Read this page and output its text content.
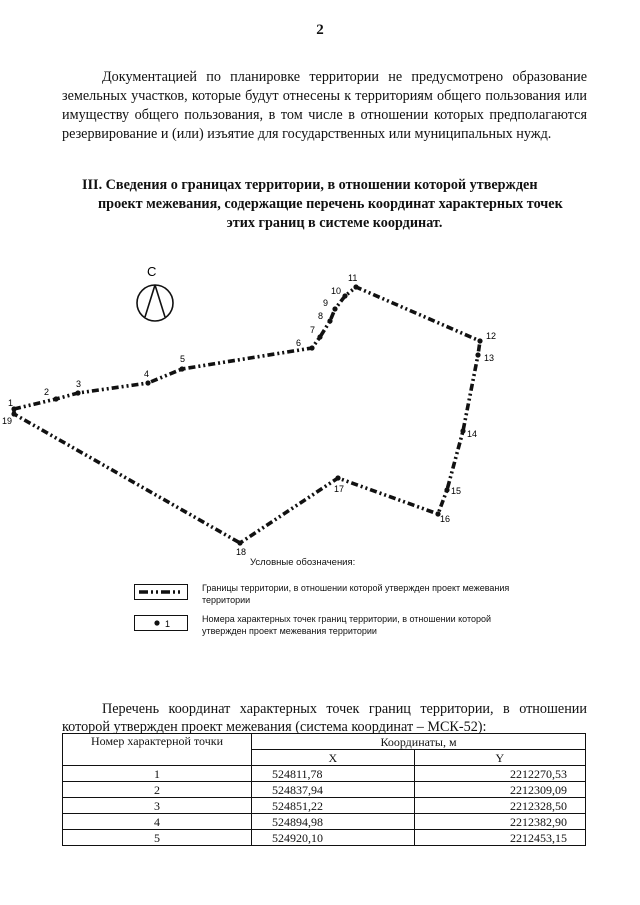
2

Документацией по планировке территории не предусмотрено образование земельных участков, которые будут отнесены к территориям общего пользования или имуществу общего пользования, в том числе в отношении которых предполагаются резервирование и (или) изъятие для государственных или муниципальных нужд.

III. Сведения о границах территории, в отношении которой утвержден
проект межевания, содержащие перечень координат характерных точек
этих границ в системе координат.
С
1
2
3
4
5
6
7
8
9
10
11
12
13
14
15
16
17
18
19
Условные обозначения:
Границы территории, в отношении которой утвержден проект межевания территории
1	Номера характерных точек границ территории, в отношении которой утвержден проект межевания территории

Перечень координат характерных точек границ территории, в отношении которой утвержден проект межевания (система координат – МСК-52):

Номер характерной точки	Координаты, м	
	X	Y
1	524811,78	2212270,53
2	524837,94	2212309,09
3	524851,22	2212328,50
4	524894,98	2212382,90
5	524920,10	2212453,15
